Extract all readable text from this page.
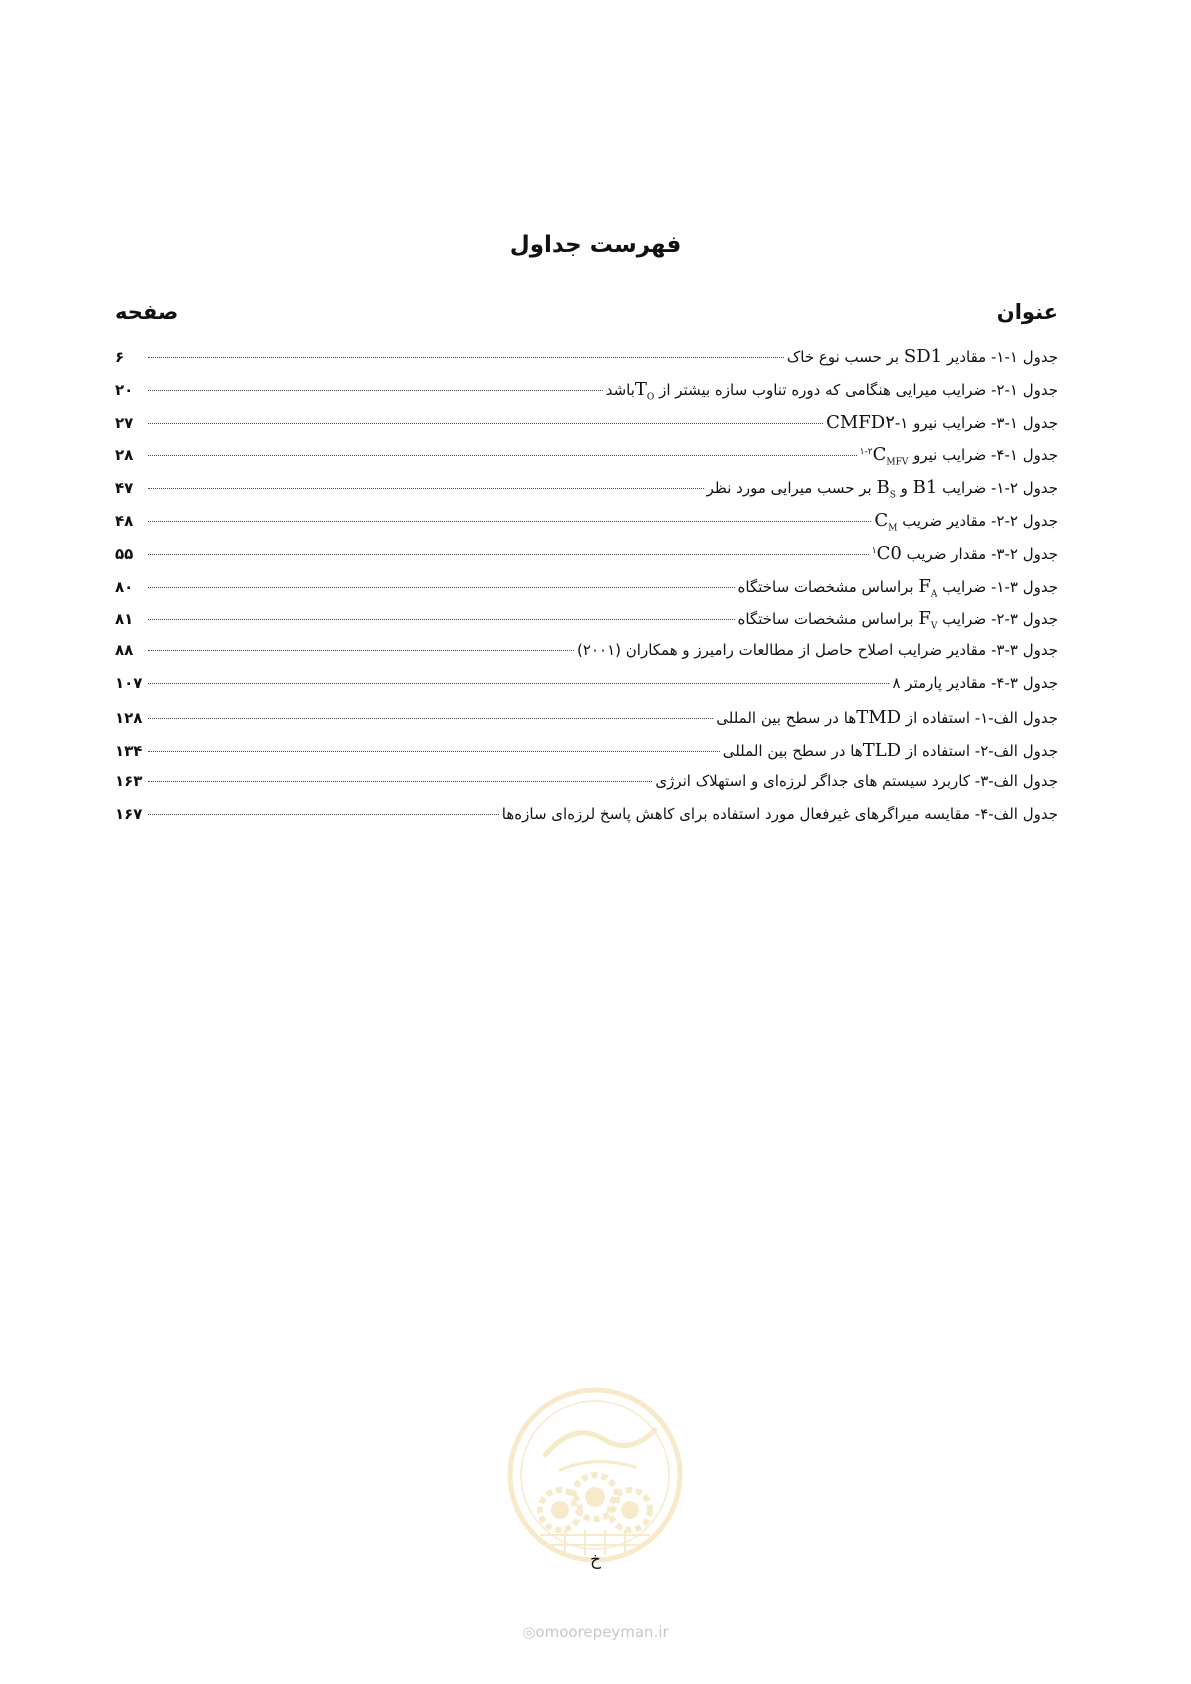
فهرست جداول
عنوان
صفحه
جدول ۱-۱- مقادیر SD1 بر حسب نوع خاک
۶
جدول ۱-۲- ضرایب میرایی هنگامی که دوره تناوب سازه بیشتر از $T_Oباشد$
۲۰
جدول ۱-۳- ضرایب نیرو ۱-CMFD۲
۲۷
جدول ۱-۴- ضرایب نیرو $C_{MFV}^{۲-۱}$
۲۸
جدول ۲-۱- ضرایب B1 و $B_S$ بر حسب میرایی مورد نظر
۴۷
جدول ۲-۲- مقادیر ضریب $C_M$
۴۸
جدول ۲-۳- مقدار ضریب $C0^۱$
۵۵
جدول ۳-۱- ضرایب $F_A$ براساس مشخصات ساختگاه
۸۰
جدول ۳-۲- ضرایب $F_V$ براساس مشخصات ساختگاه
۸۱
جدول ۳-۳- مقادیر ضرایب اصلاح حاصل از مطالعات رامیرز و همکاران (۲۰۰۱)
۸۸
جدول ۳-۴- مقادیر پارمتر ۸
۱۰۷
جدول الف-۱- استفاده از TMDها در سطح بین المللی
۱۲۸
جدول الف-۲- استفاده از TLDها در سطح بین المللی
۱۳۴
جدول الف-۳- کاربرد سیستم های جداگر لرزه‌ای و استهلاک انرژی
۱۶۳
جدول الف-۴- مقایسه میراگرهای غیرفعال مورد استفاده برای کاهش پاسخ لرزه‌ای سازه‌ها
۱۶۷
خ
◎omoorepeyman.ir
